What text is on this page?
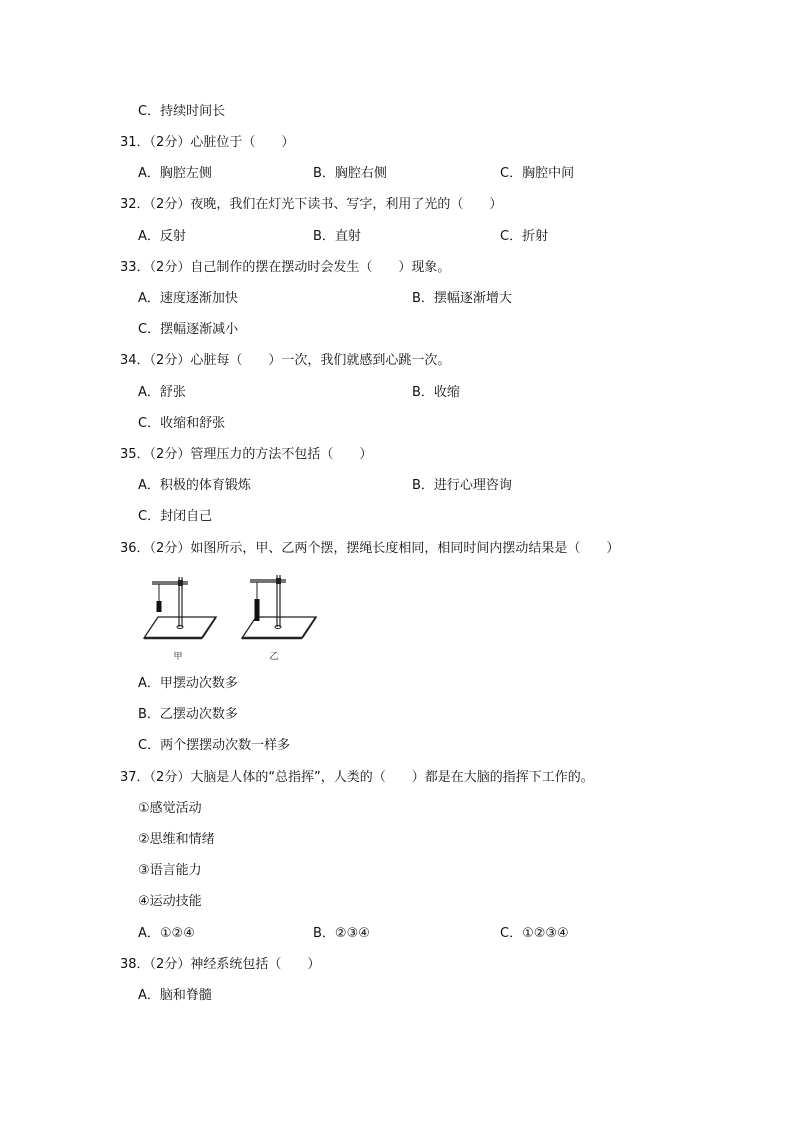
C．持续时间长
31．（2分）心脏位于（　　）
A．胸腔左侧	B．胸腔右侧	C．胸腔中间
32．（2分）夜晚，我们在灯光下读书、写字，利用了光的（　　）
A．反射	B．直射	C．折射
33．（2分）自己制作的摆在摆动时会发生（　　）现象。
A．速度逐渐加快	B．摆幅逐渐增大
C．摆幅逐渐减小
34．（2分）心脏每（　　）一次，我们就感到心跳一次。
A．舒张	B．收缩
C．收缩和舒张
35．（2分）管理压力的方法不包括（　　）
A．积极的体育锻炼	B．进行心理咨询
C．封闭自己
36．（2分）如图所示，甲、乙两个摆，摆绳长度相同，相同时间内摆动结果是（　　）
甲	乙
A．甲摆动次数多
B．乙摆动次数多
C．两个摆摆动次数一样多
37．（2分）大脑是人体的“总指挥”，人类的（　　）都是在大脑的指挥下工作的。
①感觉活动
②思维和情绪
③语言能力
④运动技能
A．①②④	B．②③④	C．①②③④
38．（2分）神经系统包括（　　）
A．脑和脊髓
